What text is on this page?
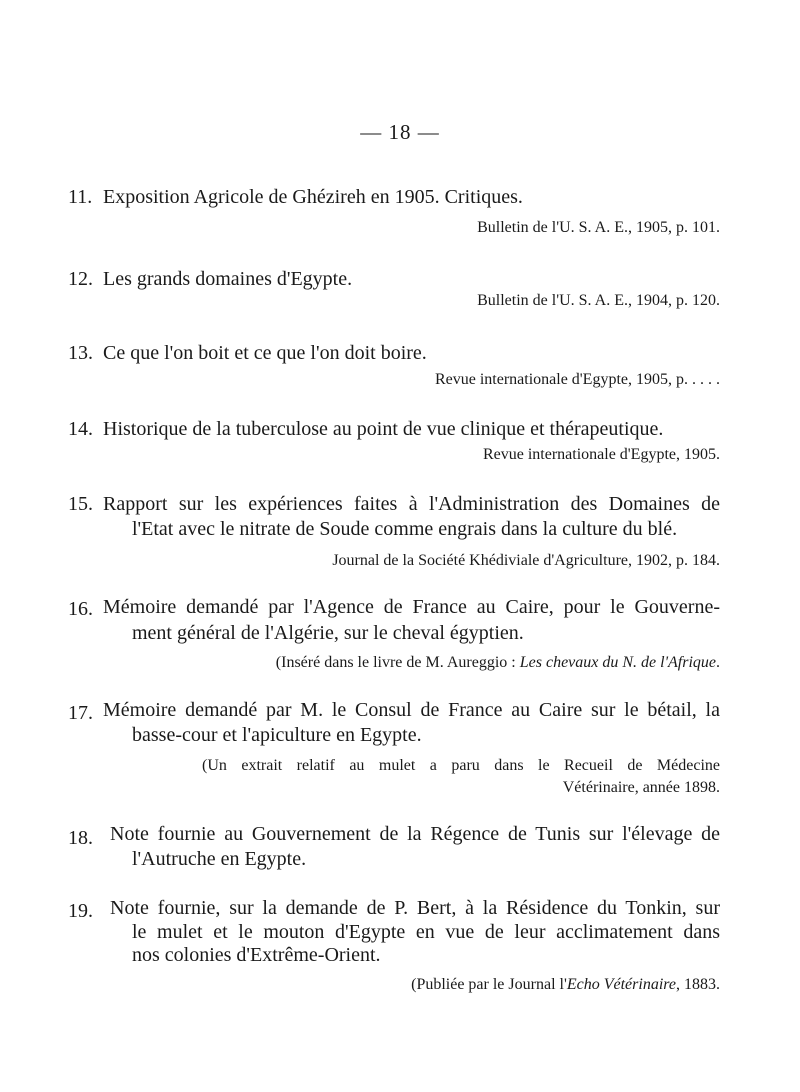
— 18 —
11. Exposition Agricole de Ghézireh en 1905. Critiques.
Bulletin de l'U. S. A. E., 1905, p. 101.
12. Les grands domaines d'Egypte.
Bulletin de l'U. S. A. E., 1904, p. 120.
13. Ce que l'on boit et ce que l'on doit boire.
Revue internationale d'Egypte, 1905, p. . . . .
14. Historique de la tuberculose au point de vue clinique et thérapeutique.
Revue internationale d'Egypte, 1905.
15. Rapport sur les expériences faites à l'Administration des Domaines de
l'Etat avec le nitrate de Soude comme engrais dans la culture du blé.
Journal de la Société Khédiviale d'Agriculture, 1902, p. 184.
16. Mémoire demandé par l'Agence de France au Caire, pour le Gouverne-
ment général de l'Algérie, sur le cheval égyptien.
(Inséré dans le livre de M. Aureggio : Les chevaux du N. de l'Afrique.
17. Mémoire demandé par M. le Consul de France au Caire sur le bétail, la
basse-cour et l'apiculture en Egypte.
(Un extrait relatif au mulet a paru dans le Recueil de Médecine
Vétérinaire, année 1898.
18. Note fournie au Gouvernement de la Régence de Tunis sur l'élevage de
l'Autruche en Egypte.
19. Note fournie, sur la demande de P. Bert, à la Résidence du Tonkin, sur
le mulet et le mouton d'Egypte en vue de leur acclimatement dans
nos colonies d'Extrême-Orient.
(Publiée par le Journal l'Echo Vétérinaire, 1883.
